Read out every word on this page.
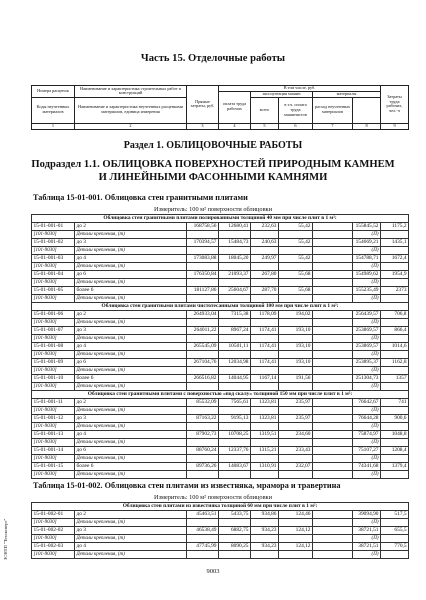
Часть 15. Отделочные работы
Номера расценок	Наименование и характеристика строительных работ и конструкций	Прямые затраты, руб.	В том числе, руб.					Затраты труда рабочих, чел.-ч
			оплата труда рабочих	эксплуатация машин		материалы		
Коды неучтенных материалов	Наименование и характеристика неучтенных расценками материалов, единица измерения			всего	в т.ч. оплата труда машинистов	расход неучтенных материалов		

1	2	3	4	5	6	7	8	9
Раздел 1. ОБЛИЦОВОЧНЫЕ РАБОТЫ
Подраздел 1.1. ОБЛИЦОВКА ПОВЕРХНОСТЕЙ ПРИРОДНЫМ КАМНЕМ
И ЛИНЕЙНЫМИ ФАСОННЫМИ КАМНЯМИ
Таблица 15-01-001. Облицовка стен гранитными плитами
Измеритель: 100 м² поверхности облицовки
Облицовка стен гранитными плитами полированными толщиной 40 мм при числе плит в 1 м²:								
15-01-001-01	до 2	168758,56	12680,41	232,63	55,42		155845,52	1175,2
[101-9030]	Детали крепления, (т)						(П)	
15-01-001-02	до 3	170394,57	15484,73	240,63	55,42		154669,21	1435,1
[101-9030]	Детали крепления, (т)						(П)	
15-01-001-03	до 4	173083,88	18045,20	249,97	55,42		154788,71	1672,4
[101-9030]	Детали крепления, (т)						(П)	
15-01-001-04	до 6	176350,84	21093,37	267,80	55,68		154989,62	1954,9
[101-9030]	Детали крепления, (т)						(П)	
15-01-001-05	более 6	181127,86	25604,67	287,70	55,68		155235,49	2373
[101-9030]	Детали крепления, (т)						(П)	
Облицовка стен гранитными плитами чистотесанными толщиной 100 мм при числе плит в 1 м²:								
15-01-001-06	до 2	264933,04	7315,38	1178,09	194,02		256439,57	706,8
[101-9030]	Детали крепления, (т)						(П)	
15-01-001-07	до 3	264011,22	8967,24	1174,41	193,10		253869,57	866,4
[101-9030]	Детали крепления, (т)						(П)	
15-01-001-08	до 4	265545,09	10501,11	1174,41	193,10		253869,57	1014,6
[101-9030]	Детали крепления, (т)						(П)	
15-01-001-09	до 6	267104,76	12034,98	1174,41	193,10		253895,37	1162,8
[101-9030]	Детали крепления, (т)						(П)	
15-01-001-10	более 6	266516,82	14044,95	1167,14	191,56		251304,73	1357
[101-9030]	Детали крепления, (т)						(П)	
Облицовка стен гранитными плитами с поверхностью «под скалу» толщиной 150 мм при числе плит в 1 м²:								
15-01-001-11	до 2	85532,09	7565,61	1323,81	235,97		76642,67	741
[101-9030]	Детали крепления, (т)						(П)	
15-01-001-12	до 3	87163,22	9195,13	1323,81	235,97		76644,28	900,6
[101-9030]	Детали крепления, (т)						(П)	
15-01-001-13	до 4	87902,73	10708,25	1319,51	234,60		75874,97	1048,8
[101-9030]	Детали крепления, (т)						(П)	
15-01-001-14	до 6	88760,24	12337,76	1315,21	233,43		75107,27	1208,4
[101-9030]	Детали крепления, (т)						(П)	
15-01-001-15	более 6	89736,26	14083,67	1310,91	232,07		74341,68	1379,4
[101-9030]	Детали крепления, (т)						(П)	
Таблица 15-01-002. Облицовка стен плитами из известняка, мрамора и травертина
Измеритель: 100 м² поверхности облицовки
Облицовка стен плитами из известняка толщиной 60 мм при числе плит в 1 м²:								
15-01-002-01	до 2	45463,51	5433,75	934,86	124,46		39094,90	517,5
[101-9030]	Детали крепления, (т)						(П)	
15-01-002-02	до 3	46538,49	6882,75	934,23	124,12		38721,51	655,5
[101-9030]	Детали крепления, (т)						(П)	
15-01-002-03	до 4	47745,99	8090,25	934,23	124,12		38721,51	770,5
[101-9030]	Детали крепления, (т)						(П)	
ЗСНТП "Техэксперт"
9003
